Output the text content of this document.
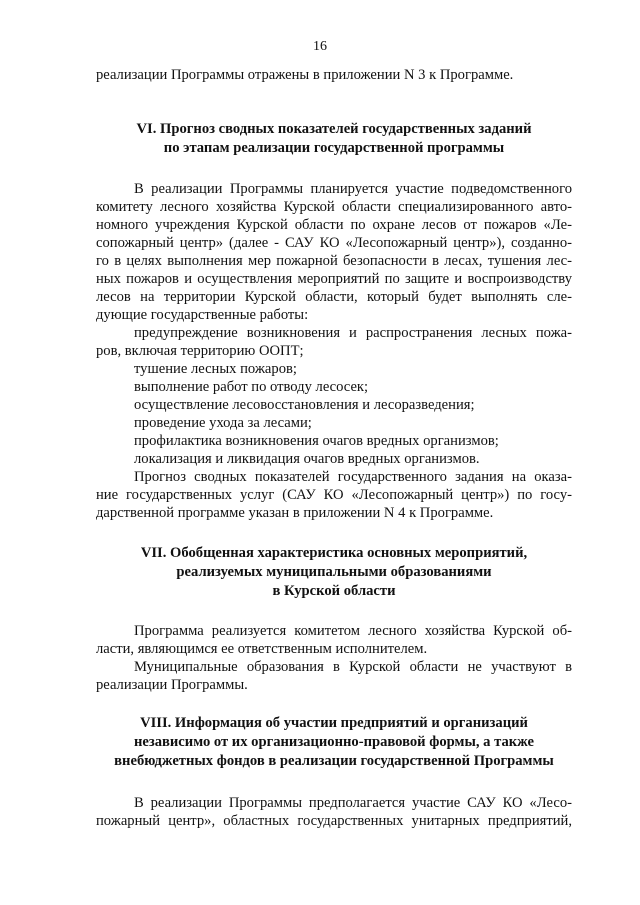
16
реализации Программы отражены в приложении N 3 к Программе.
VI. Прогноз сводных показателей государственных заданий
по этапам реализации государственной программы
В реализации Программы планируется участие подведомственного
комитету лесного хозяйства Курской области специализированного авто-
номного учреждения Курской области по охране лесов от пожаров «Ле-
сопожарный центр» (далее - САУ КО «Лесопожарный центр»), созданно-
го в целях выполнения мер пожарной безопасности в лесах, тушения лес-
ных пожаров и осуществления мероприятий по защите и воспроизводству
лесов на территории Курской области, который будет выполнять сле-
дующие государственные работы:
предупреждение возникновения и распространения лесных пожа-
ров, включая территорию ООПТ;
тушение лесных пожаров;
выполнение работ по отводу лесосек;
осуществление лесовосстановления и лесоразведения;
проведение ухода за лесами;
профилактика возникновения очагов вредных организмов;
локализация и ликвидация очагов вредных организмов.
Прогноз сводных показателей государственного задания на оказа-
ние государственных услуг (САУ КО «Лесопожарный центр») по госу-
дарственной программе указан в приложении N 4 к Программе.
VII. Обобщенная характеристика основных мероприятий,
реализуемых муниципальными образованиями
в Курской области
Программа реализуется комитетом лесного хозяйства Курской об-
ласти, являющимся ее ответственным исполнителем.
Муниципальные образования в Курской области не участвуют в
реализации Программы.
VIII. Информация об участии предприятий и организаций
независимо от их организационно-правовой формы, а также
внебюджетных фондов в реализации государственной Программы
В реализации Программы предполагается участие САУ КО «Лесо-
пожарный центр», областных государственных унитарных предприятий,
